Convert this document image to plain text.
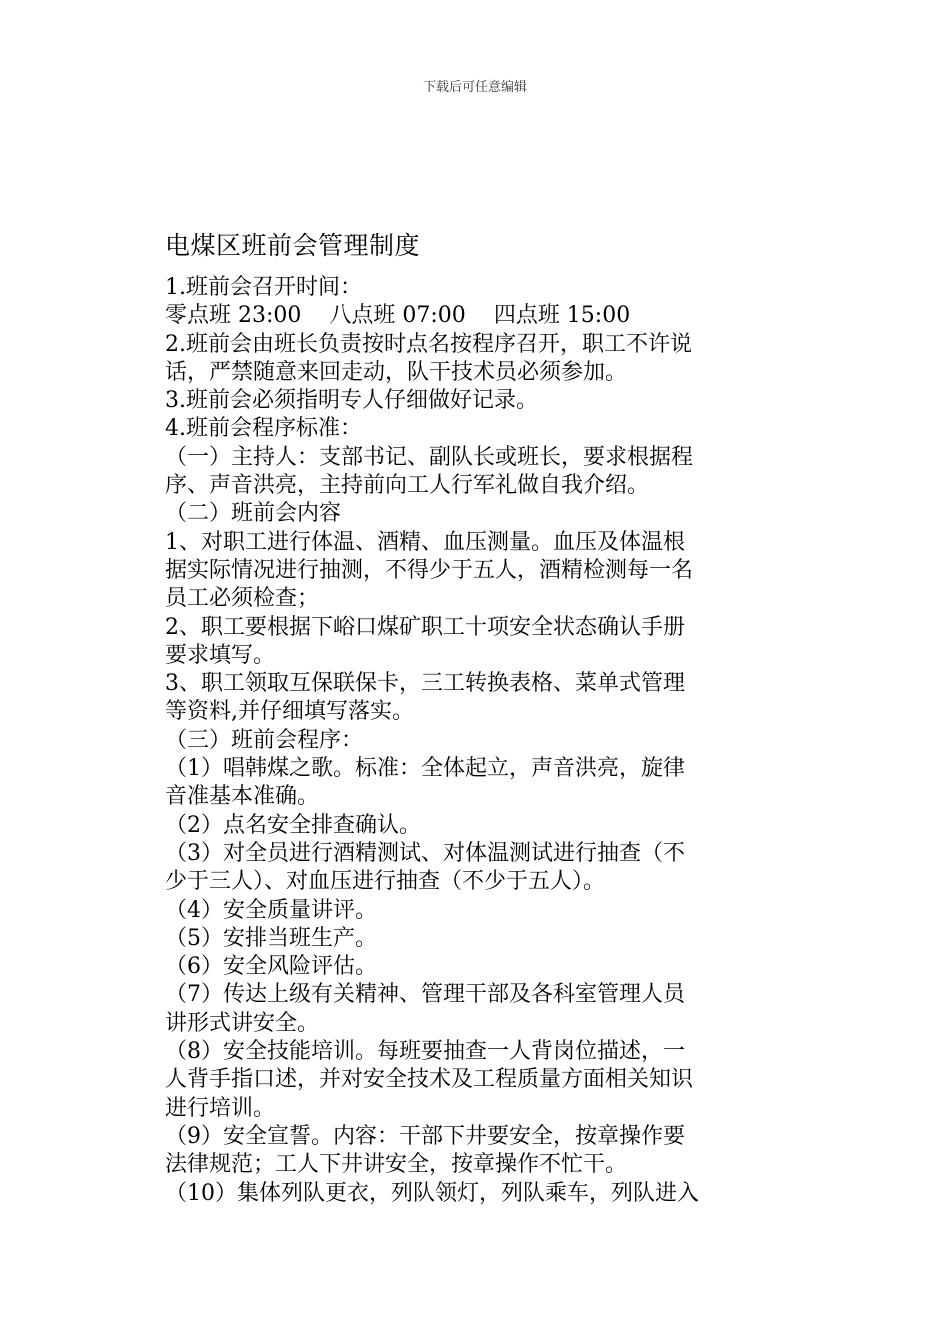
下载后可任意编辑
电煤区班前会管理制度
1.班前会召开时间：
零点班 23:00 八点班 07:00 四点班 15:00
2.班前会由班长负责按时点名按程序召开，职工不许说
话，严禁随意来回走动，队干技术员必须参加。
3.班前会必须指明专人仔细做好记录。
4.班前会程序标准：
（一）主持人：支部书记、副队长或班长，要求根据程
序、声音洪亮，主持前向工人行军礼做自我介绍。
（二）班前会内容
1、对职工进行体温、酒精、血压测量。血压及体温根
据实际情况进行抽测，不得少于五人，酒精检测每一名
员工必须检查；
2、职工要根据下峪口煤矿职工十项安全状态确认手册
要求填写。
3、职工领取互保联保卡，三工转换表格、菜单式管理
等资料,并仔细填写落实。
（三）班前会程序：
（1）唱韩煤之歌。标准：全体起立，声音洪亮，旋律
音准基本准确。
（2）点名安全排查确认。
（3）对全员进行酒精测试、对体温测试进行抽查（不
少于三人）、对血压进行抽查（不少于五人）。
（4）安全质量讲评。
（5）安排当班生产。
（6）安全风险评估。
（7）传达上级有关精神、管理干部及各科室管理人员
讲形式讲安全。
（8）安全技能培训。每班要抽查一人背岗位描述，一
人背手指口述，并对安全技术及工程质量方面相关知识
进行培训。
（9）安全宣誓。内容：干部下井要安全，按章操作要
法律规范；工人下井讲安全，按章操作不忙干。
（10）集体列队更衣，列队领灯，列队乘车，列队进入
